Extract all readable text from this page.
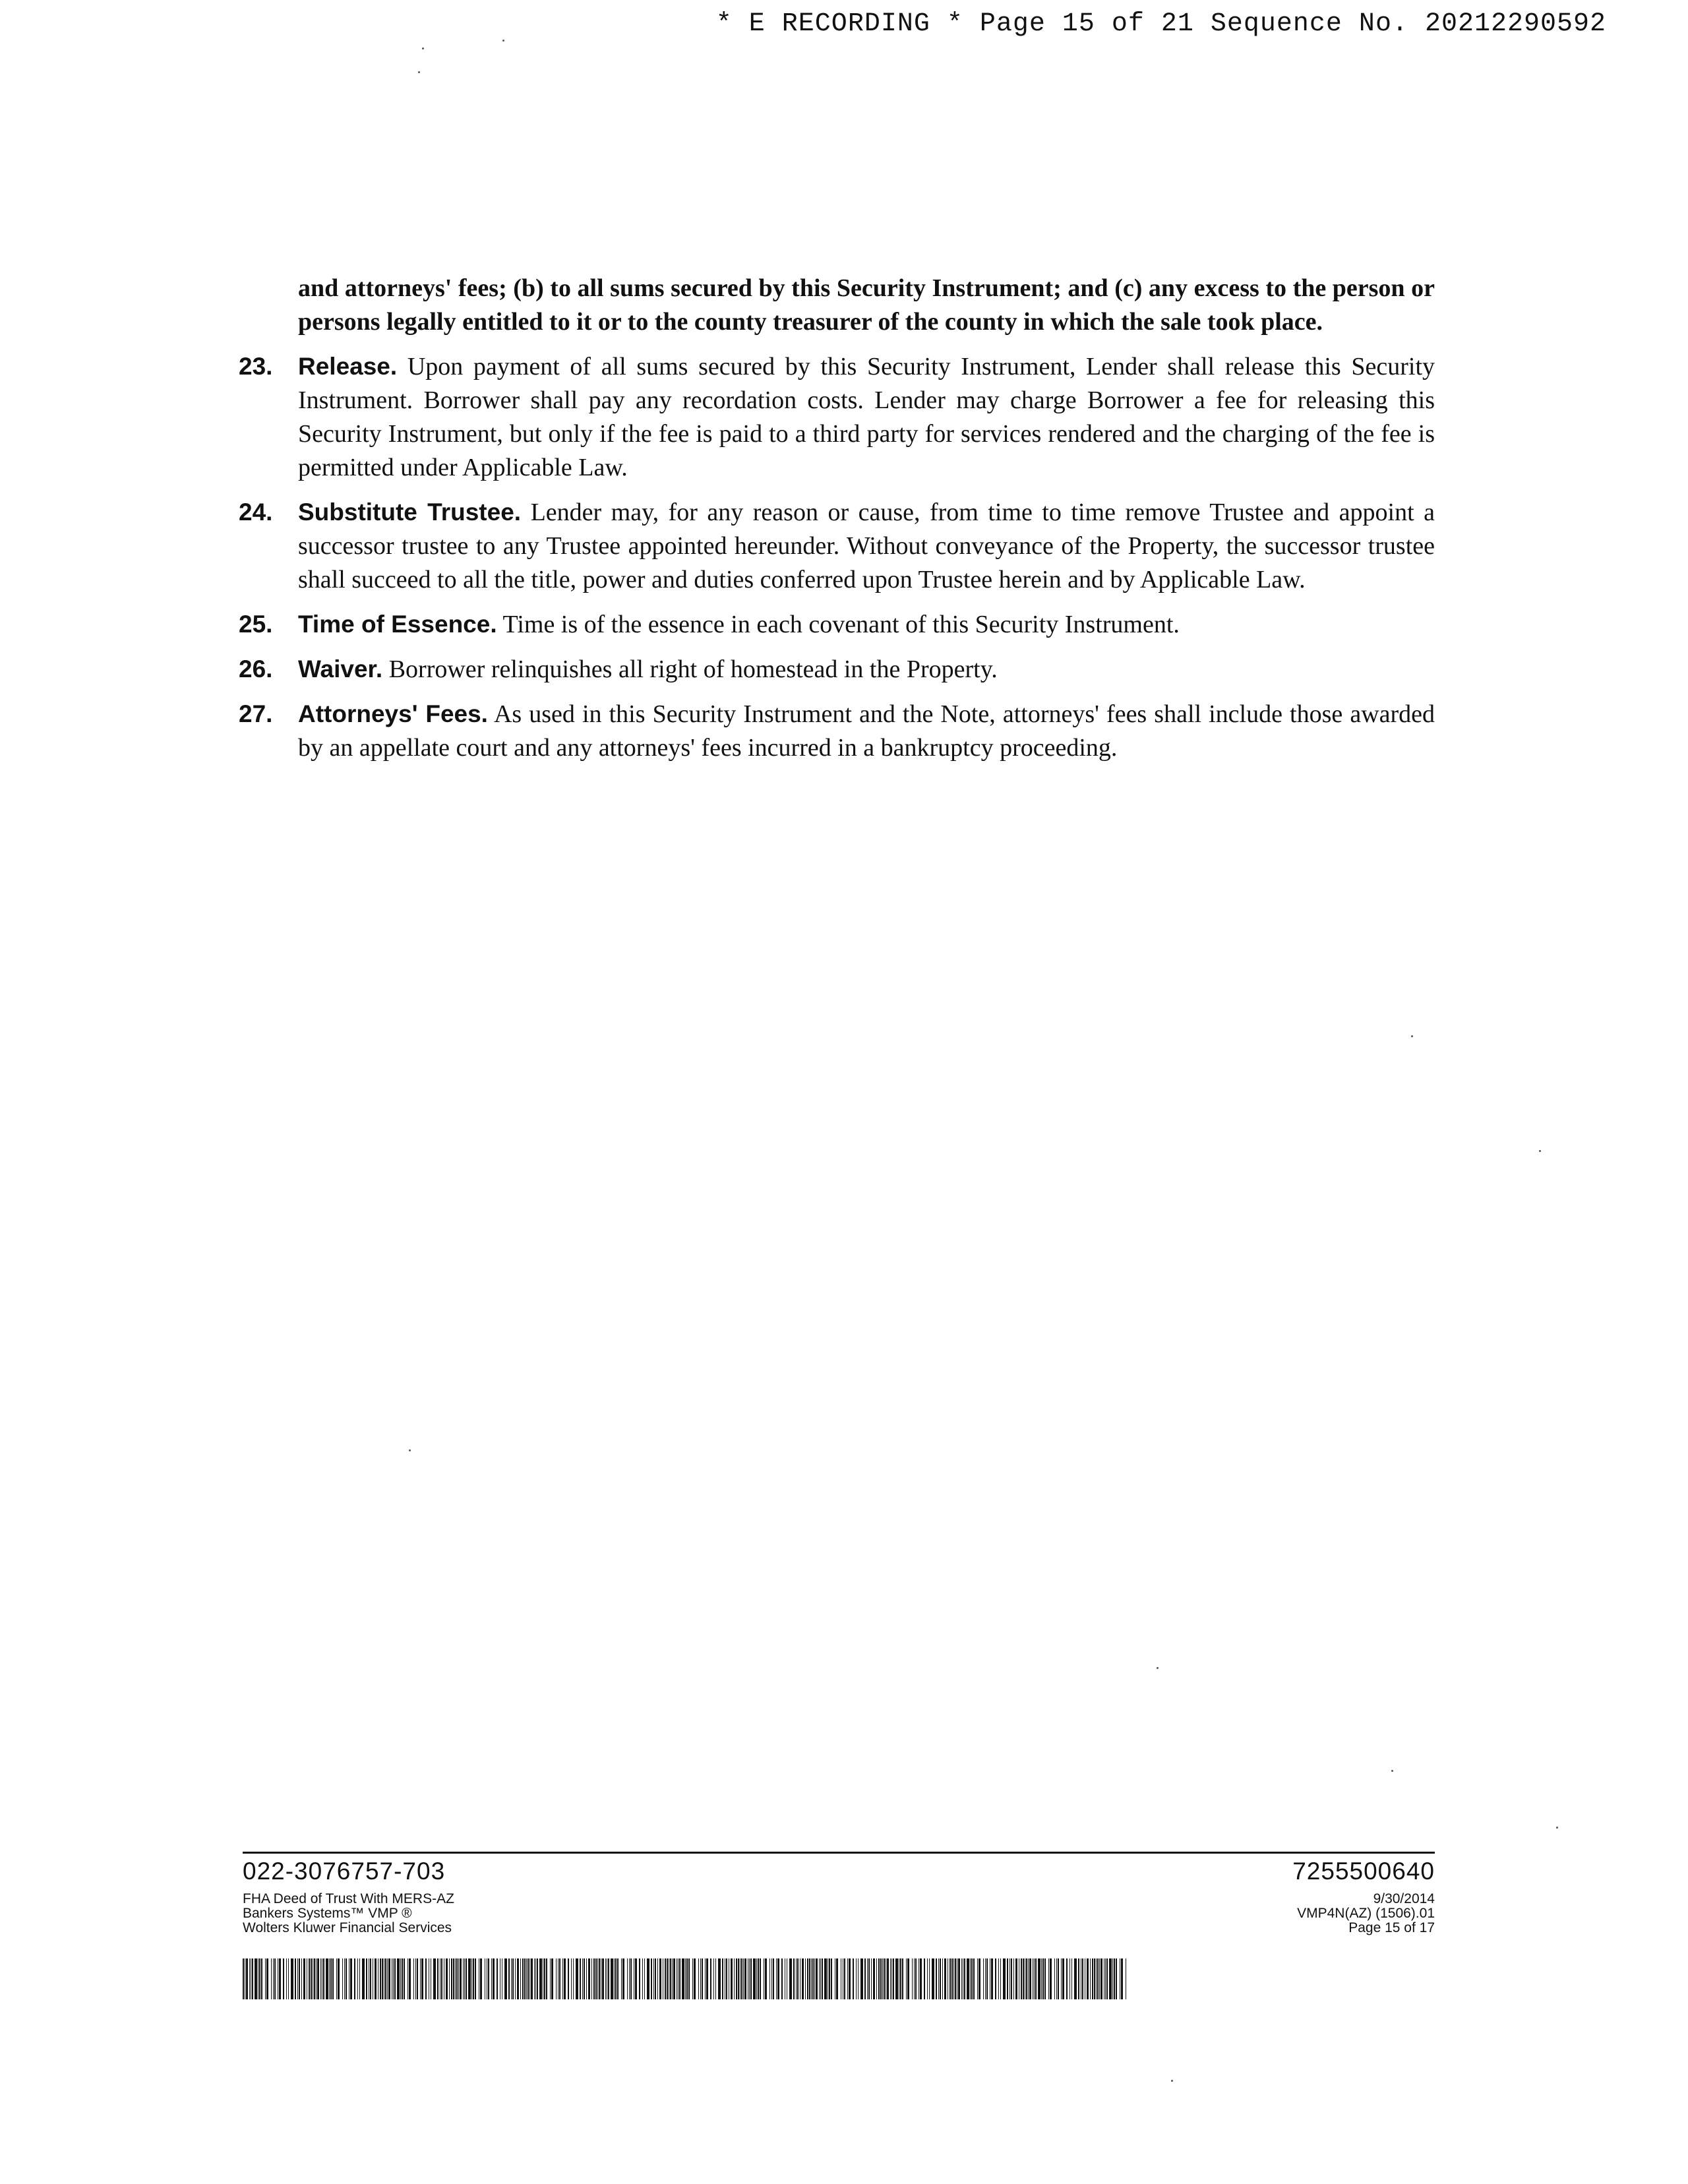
* E RECORDING * Page 15 of 21 Sequence No. 20212290592
and attorneys' fees; (b) to all sums secured by this Security Instrument; and (c) any excess to the person or persons legally entitled to it or to the county treasurer of the county in which the sale took place.
23. Release. Upon payment of all sums secured by this Security Instrument, Lender shall release this Security Instrument. Borrower shall pay any recordation costs. Lender may charge Borrower a fee for releasing this Security Instrument, but only if the fee is paid to a third party for services rendered and the charging of the fee is permitted under Applicable Law.
24. Substitute Trustee. Lender may, for any reason or cause, from time to time remove Trustee and appoint a successor trustee to any Trustee appointed hereunder. Without conveyance of the Property, the successor trustee shall succeed to all the title, power and duties conferred upon Trustee herein and by Applicable Law.
25. Time of Essence. Time is of the essence in each covenant of this Security Instrument.
26. Waiver. Borrower relinquishes all right of homestead in the Property.
27. Attorneys' Fees. As used in this Security Instrument and the Note, attorneys' fees shall include those awarded by an appellate court and any attorneys' fees incurred in a bankruptcy proceeding.
022-3076757-703	7255500640
FHA Deed of Trust With MERS-AZ
Bankers Systems™ VMP ®
Wolters Kluwer Financial Services
9/30/2014
VMP4N(AZ) (1506).01
Page 15 of 17
